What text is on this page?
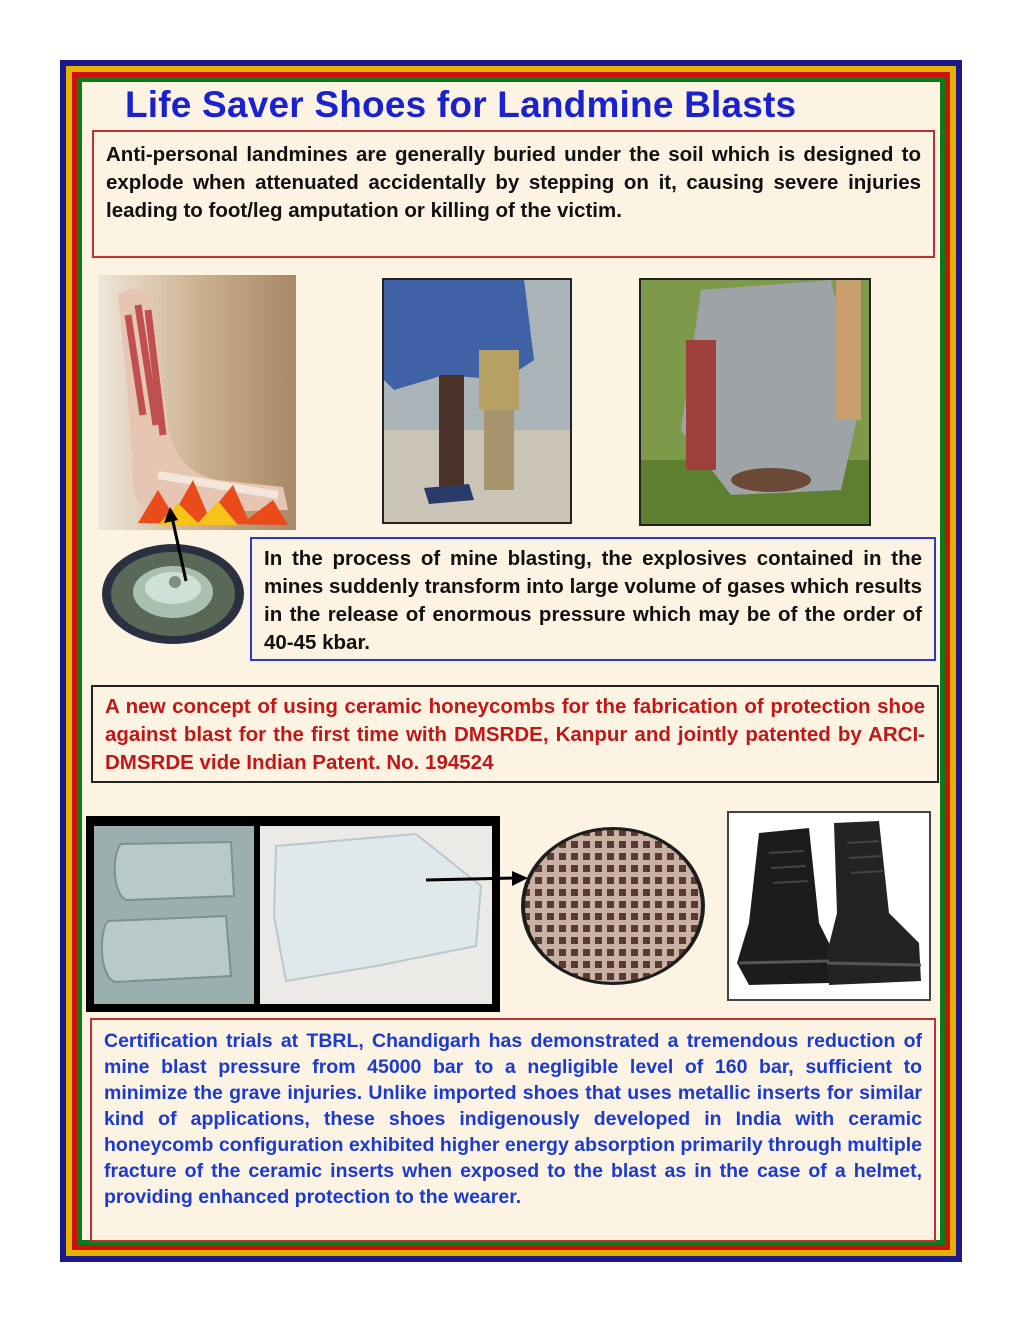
Life Saver Shoes for Landmine Blasts
Anti-personal landmines are generally buried under the soil which is designed to explode when attenuated accidentally by stepping on it, causing severe injuries leading to foot/leg amputation or killing of the victim.
In the process of mine blasting, the explosives contained in the mines suddenly transform into large volume of gases which results in the release of enormous pressure which may be of the order of 40-45 kbar.
A new concept of using ceramic honeycombs for the fabrication of protection shoe against blast for the first time with DMSRDE, Kanpur and jointly patented by ARCI- DMSRDE vide Indian Patent. No. 194524
Certification trials at TBRL, Chandigarh has demonstrated a tremendous reduction of mine blast pressure from 45000 bar to a negligible level of 160 bar, sufficient to minimize the grave injuries. Unlike imported shoes that uses metallic inserts for similar kind of applications, these shoes indigenously developed in India with ceramic honeycomb configuration exhibited higher energy absorption primarily through multiple fracture of the ceramic inserts when exposed to the blast as in the case of a helmet, providing enhanced protection to the wearer.
